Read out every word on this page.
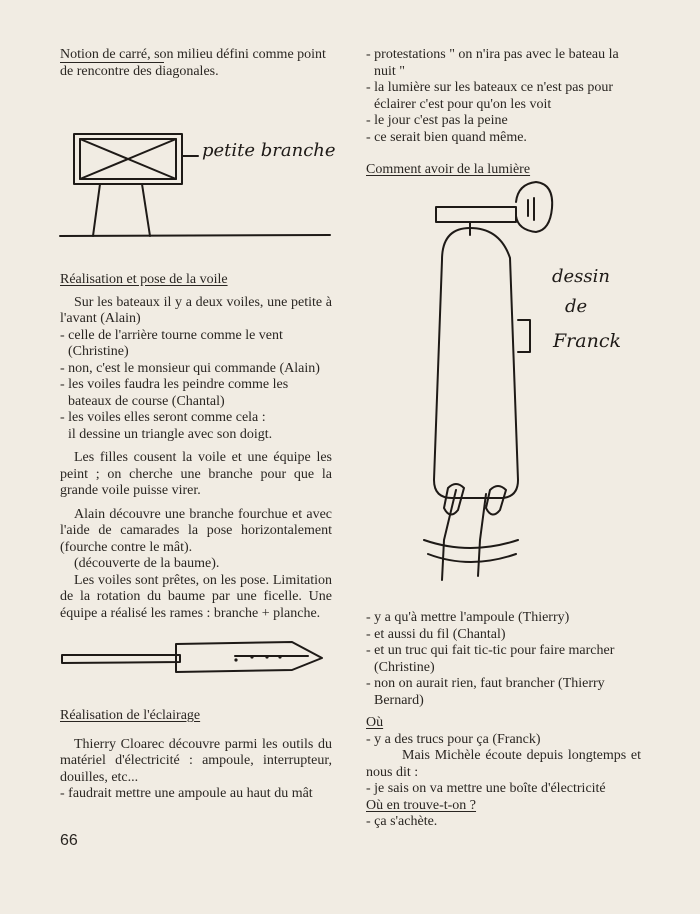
Notion de carré, son milieu défini comme point de rencontre des diagonales.

petite branche

Réalisation et pose de la voile

Sur les bateaux il y a deux voiles, une petite à l'avant (Alain)

- celle de l'arrière tourne comme le vent (Christine)

- non, c'est le monsieur qui commande (Alain)

- les voiles faudra les peindre comme les bateaux de course (Chantal)

- les voiles elles seront comme cela :

il dessine un triangle avec son doigt.

Les filles cousent la voile et une équipe les peint ; on cherche une branche pour que la grande voile puisse virer.

Alain découvre une branche fourchue et avec l'aide de camarades la pose horizontalement (fourche contre le mât).

(découverte de la baume).

Les voiles sont prêtes, on les pose. Limitation de la rotation du baume par une ficelle. Une équipe a réalisé les rames : branche + planche.

Réalisation de l'éclairage

Thierry Cloarec découvre parmi les outils du matériel d'électricité : ampoule, interrupteur, douilles, etc...

- faudrait mettre une ampoule au haut du mât

66

- protestations " on n'ira pas avec le bateau la nuit "

- la lumière sur les bateaux ce n'est pas pour éclairer c'est pour qu'on les voit

- le jour c'est pas la peine

- ce serait bien quand même.

Comment avoir de la lumière

dessin
de
Franck

- y a qu'à mettre l'ampoule (Thierry)

- et aussi du fil (Chantal)

- et un truc qui fait tic-tic pour faire marcher (Christine)

- non on aurait rien, faut brancher (Thierry Bernard)

Où

- y a des trucs pour ça (Franck)

Mais Michèle écoute depuis longtemps et nous dit :

- je sais on va mettre une boîte d'électricité

Où en trouve-t-on ?

- ça s'achète.
